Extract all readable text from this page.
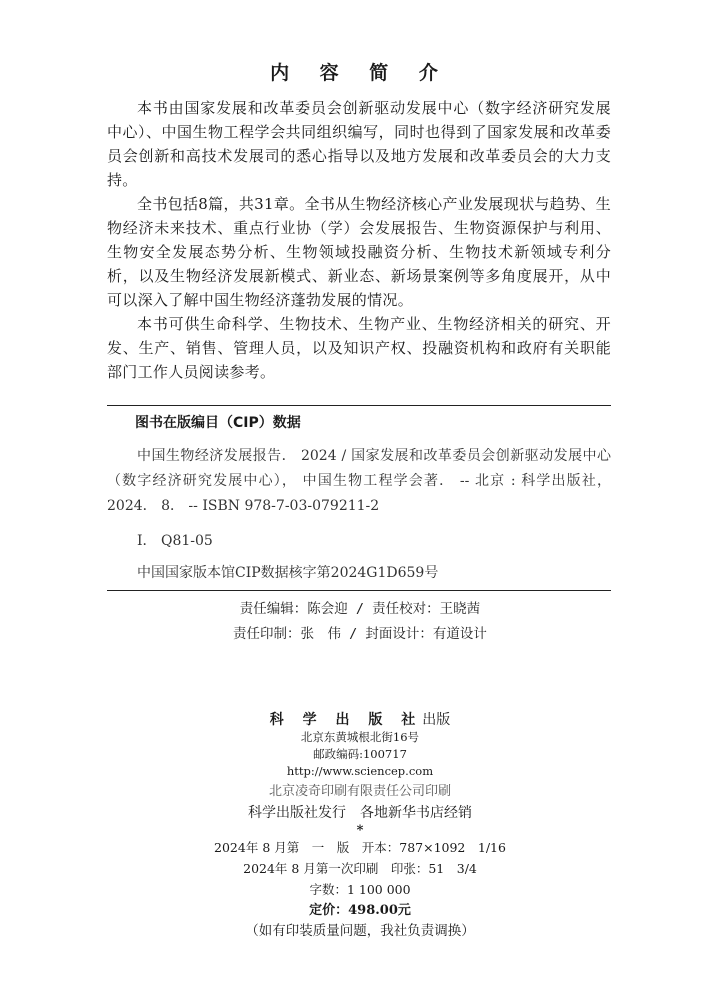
内 容 简 介

本书由国家发展和改革委员会创新驱动发展中心（数字经济研究发展中心）、中国生物工程学会共同组织编写，同时也得到了国家发展和改革委员会创新和高技术发展司的悉心指导以及地方发展和改革委员会的大力支持。

全书包括8篇，共31章。全书从生物经济核心产业发展现状与趋势、生物经济未来技术、重点行业协（学）会发展报告、生物资源保护与利用、生物安全发展态势分析、生物领域投融资分析、生物技术新领域专利分析，以及生物经济发展新模式、新业态、新场景案例等多角度展开，从中可以深入了解中国生物经济蓬勃发展的情况。

本书可供生命科学、生物技术、生物产业、生物经济相关的研究、开发、生产、销售、管理人员，以及知识产权、投融资机构和政府有关职能部门工作人员阅读参考。

图书在版编目（CIP）数据
中国生物经济发展报告． 2024 / 国家发展和改革委员会创新驱动发展中心（数字经济研究发展中心）， 中国生物工程学会著． -- 北京 : 科学出版社， 2024． 8． -- ISBN 978-7-03-079211-2
Ⅰ． Q81-05
中国国家版本馆CIP数据核字第2024G1D659号
责任编辑：陈会迎 / 责任校对：王晓茜
责任印制：张　伟 / 封面设计：有道设计
科 学 出 版 社出版
北京东黄城根北街16号
邮政编码:100717
http://www.sciencep.com
北京凌奇印刷有限责任公司印刷
科学出版社发行　各地新华书店经销
*
2024年 8 月第　一　版　开本：787×1092　1/16
2024年 8 月第一次印刷　印张：51　3/4
字数：1 100 000
定价：498.00元
（如有印装质量问题，我社负责调换）
